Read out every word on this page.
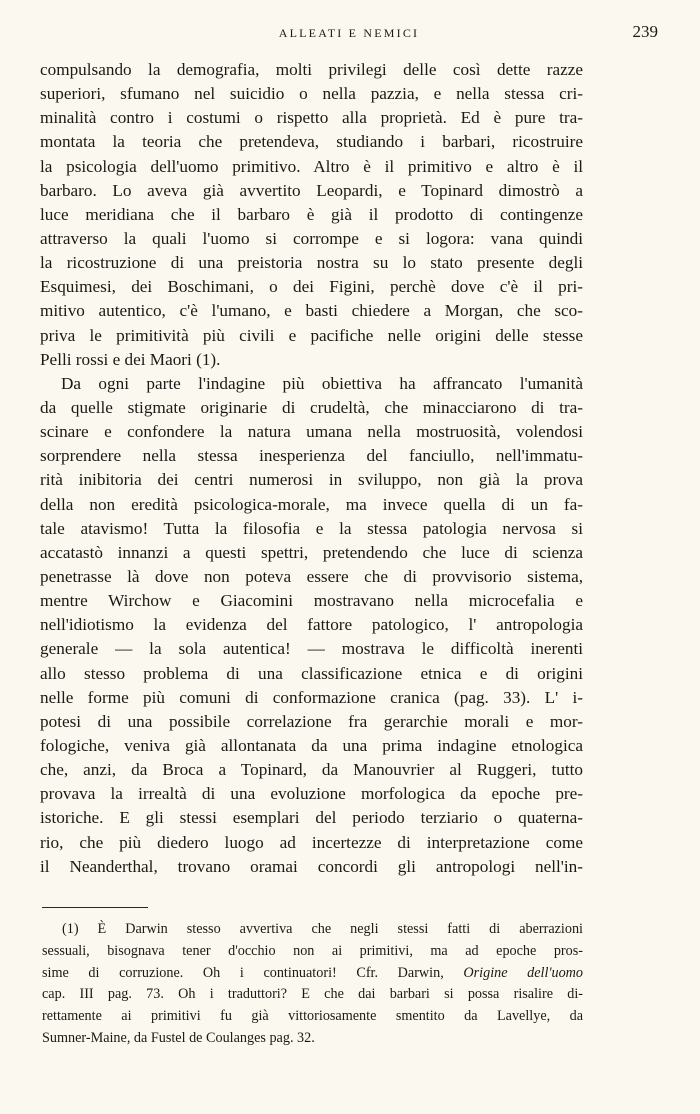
ALLEATI E NEMICI	239
compulsando la demografia, molti privilegi delle così dette razze
superiori, sfumano nel suicidio o nella pazzia, e nella stessa cri-
minalità contro i costumi o rispetto alla proprietà. Ed è pure tra-
montata la teoria che pretendeva, studiando i barbari, ricostruire
la psicologia dell'uomo primitivo. Altro è il primitivo e altro è il
barbaro. Lo aveva già avvertito Leopardi, e Topinard dimostrò a
luce meridiana che il barbaro è già il prodotto di contingenze
attraverso la quali l'uomo si corrompe e si logora: vana quindi
la ricostruzione di una preistoria nostra su lo stato presente degli
Esquimesi, dei Boschimani, o dei Figini, perchè dove c'è il pri-
mitivo autentico, c'è l'umano, e basti chiedere a Morgan, che sco-
priva le primitività più civili e pacifiche nelle origini delle stesse
Pelli rossi e dei Maori (1).
Da ogni parte l'indagine più obiettiva ha affrancato l'umanità
da quelle stigmate originarie di crudeltà, che minacciarono di tra-
scinare e confondere la natura umana nella mostruosità, volendosi
sorprendere nella stessa inesperienza del fanciullo, nell'immatu-
rità inibitoria dei centri numerosi in sviluppo, non già la prova
della non eredità psicologica-morale, ma invece quella di un fa-
tale atavismo! Tutta la filosofia e la stessa patologia nervosa si
accatastò innanzi a questi spettri, pretendendo che luce di scienza
penetrasse là dove non poteva essere che di provvisorio sistema,
mentre Wirchow e Giacomini mostravano nella microcefalia e
nell'idiotismo la evidenza del fattore patologico, l' antropologia
generale — la sola autentica! — mostrava le difficoltà inerenti
allo stesso problema di una classificazione etnica e di origini
nelle forme più comuni di conformazione cranica (pag. 33). L' i-
potesi di una possibile correlazione fra gerarchie morali e mor-
fologiche, veniva già allontanata da una prima indagine etnologica
che, anzi, da Broca a Topinard, da Manouvrier al Ruggeri, tutto
provava la irrealtà di una evoluzione morfologica da epoche pre-
istoriche. E gli stessi esemplari del periodo terziario o quaterna-
rio, che più diedero luogo ad incertezze di interpretazione come
il Neanderthal, trovano oramai concordi gli antropologi nell'in-
(1) È Darwin stesso avvertiva che negli stessi fatti di aberrazioni
sessuali, bisognava tener d'occhio non ai primitivi, ma ad epoche pros-
sime di corruzione. Oh i continuatori! Cfr. Darwin, Origine dell'uomo
cap. III pag. 73. Oh i traduttori? E che dai barbari si possa risalire di-
rettamente ai primitivi fu già vittoriosamente smentito da Lavellye, da
Sumner-Maine, da Fustel de Coulanges pag. 32.
